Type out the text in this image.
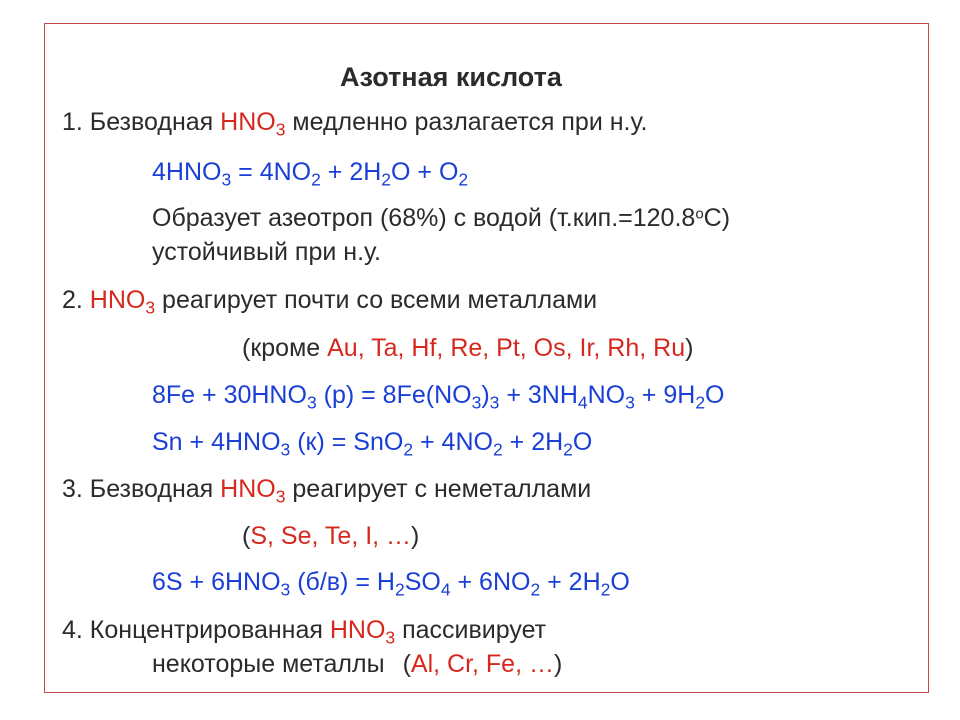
Азотная кислота
1. Безводная $HNO_3$ медленно разлагается при н.у.
$4HNO_3 = 4NO_2 + 2H_2O + O_2$
Образует азеотроп (68%) с водой $(т.кип.=120.8^oC)$
устойчивый при н.у.
2. $HNO_3$ реагирует почти со всеми металлами
(кроме Au, Ta, Hf, Re, Pt, Os, Ir, Rh, Ru)
$8Fe + 30HNO_3$ $(р) = 8Fe(NO_3)_3 + 3NH_4NO_3 + 9H_2O$
$Sn + 4HNO_3$ $(к) = SnO_2 + 4NO_2 + 2H_2O$
3. Безводная $HNO_3$ реагирует с неметаллами
(S, Se, Te, I, …)
$6S + 6HNO_3$ $(б/в) = H_2SO_4 + 6NO_2 + 2H_2O$
4. Концентрированная $HNO_3$ пассивирует
некоторые металлы (Al, Cr, Fe, …)
